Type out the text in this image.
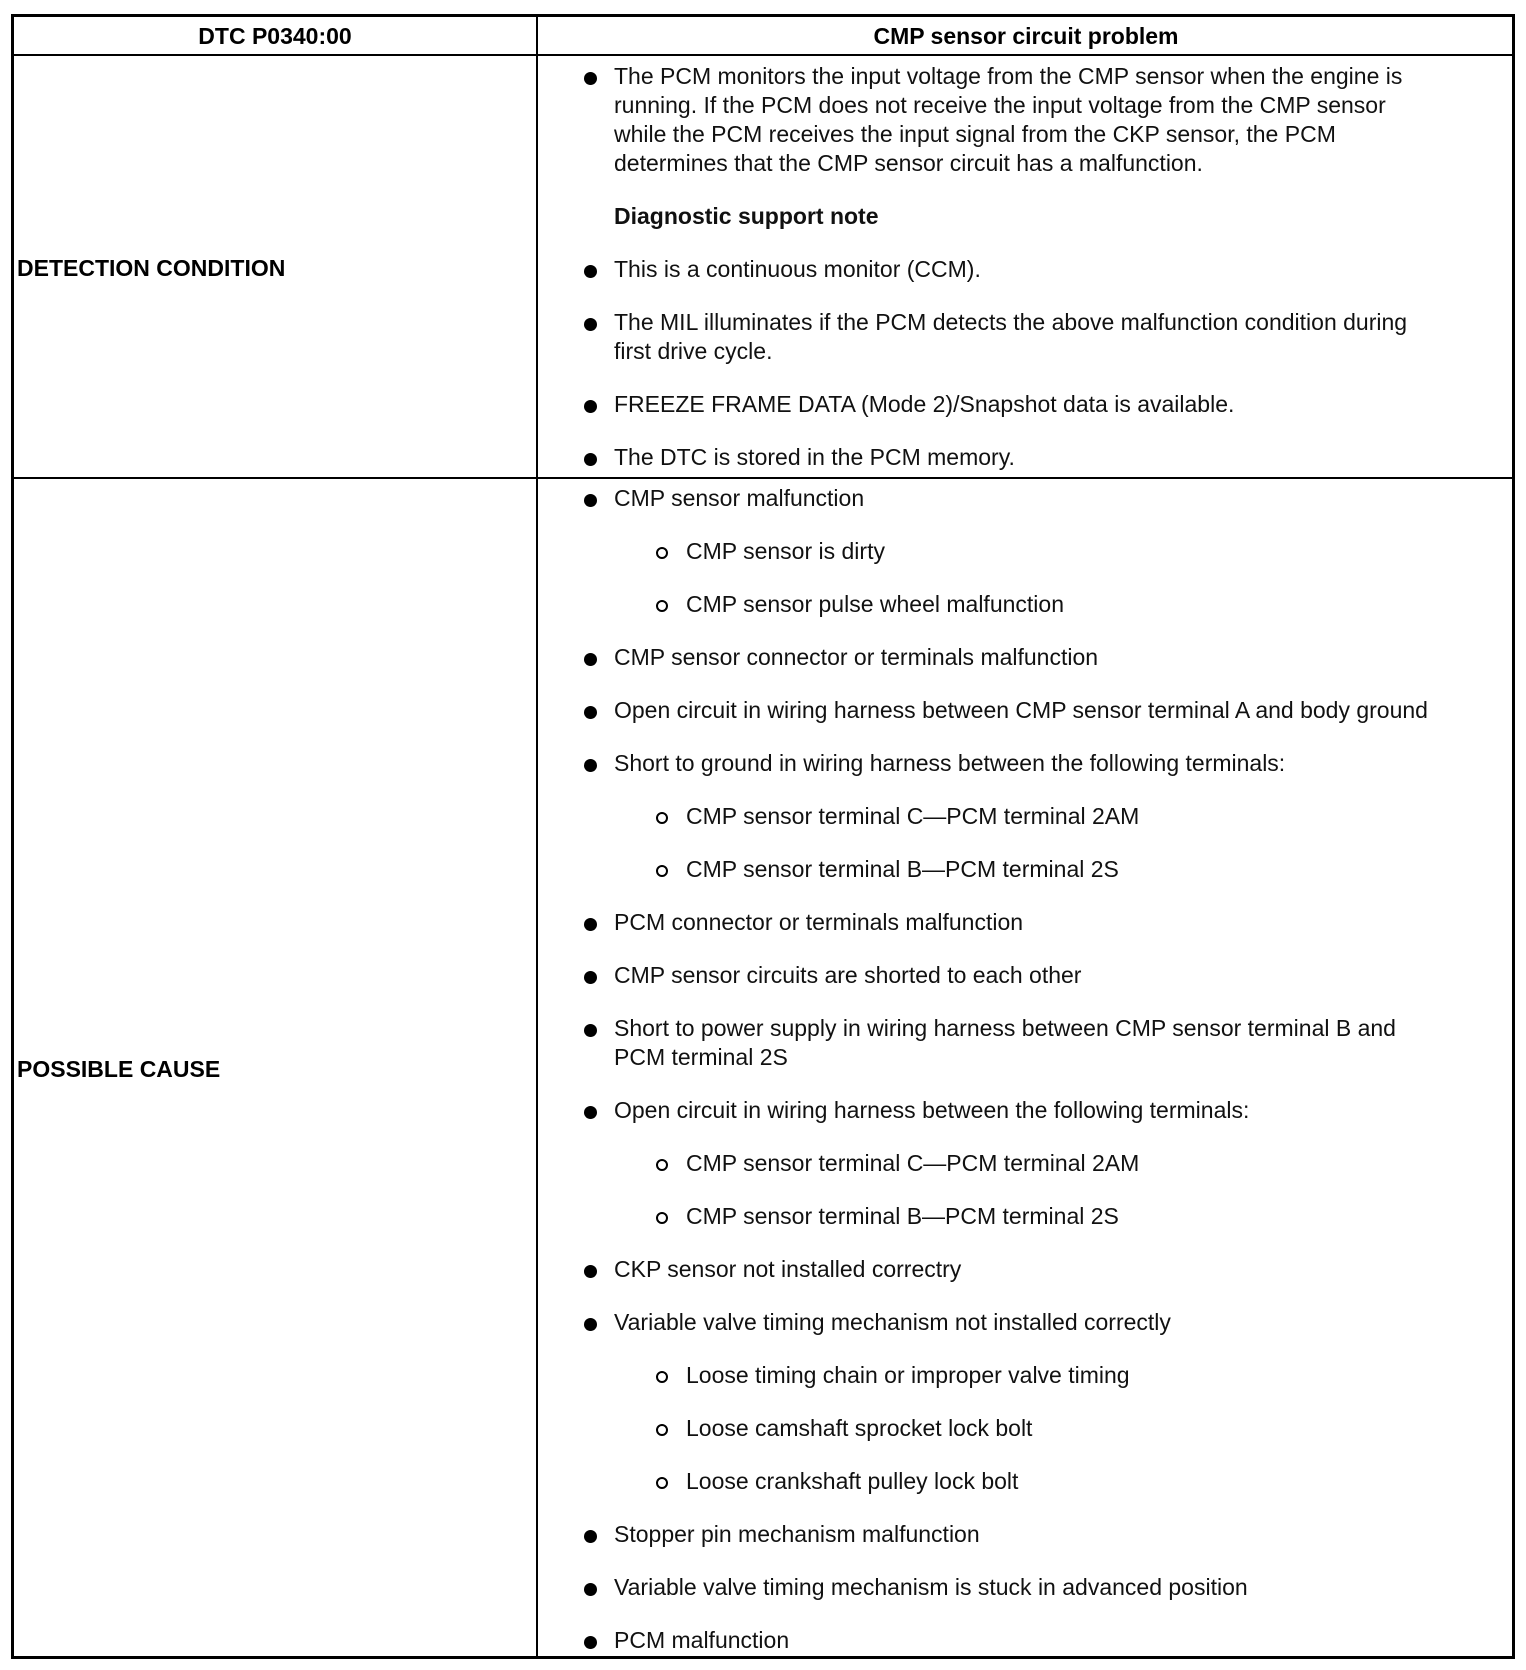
DTC P0340:00	CMP sensor circuit problem
DETECTION CONDITION
POSSIBLE CAUSE
The PCM monitors the input voltage from the CMP sensor when the engine is
running. If the PCM does not receive the input voltage from the CMP sensor
while the PCM receives the input signal from the CKP sensor, the PCM
determines that the CMP sensor circuit has a malfunction.
Diagnostic support note
This is a continuous monitor (CCM).
The MIL illuminates if the PCM detects the above malfunction condition during
first drive cycle.
FREEZE FRAME DATA (Mode 2)/Snapshot data is available.
The DTC is stored in the PCM memory.
CMP sensor malfunction
CMP sensor is dirty
CMP sensor pulse wheel malfunction
CMP sensor connector or terminals malfunction
Open circuit in wiring harness between CMP sensor terminal A and body ground
Short to ground in wiring harness between the following terminals:
CMP sensor terminal C—PCM terminal 2AM
CMP sensor terminal B—PCM terminal 2S
PCM connector or terminals malfunction
CMP sensor circuits are shorted to each other
Short to power supply in wiring harness between CMP sensor terminal B and
PCM terminal 2S
Open circuit in wiring harness between the following terminals:
CMP sensor terminal C—PCM terminal 2AM
CMP sensor terminal B—PCM terminal 2S
CKP sensor not installed correctry
Variable valve timing mechanism not installed correctly
Loose timing chain or improper valve timing
Loose camshaft sprocket lock bolt
Loose crankshaft pulley lock bolt
Stopper pin mechanism malfunction
Variable valve timing mechanism is stuck in advanced position
PCM malfunction
